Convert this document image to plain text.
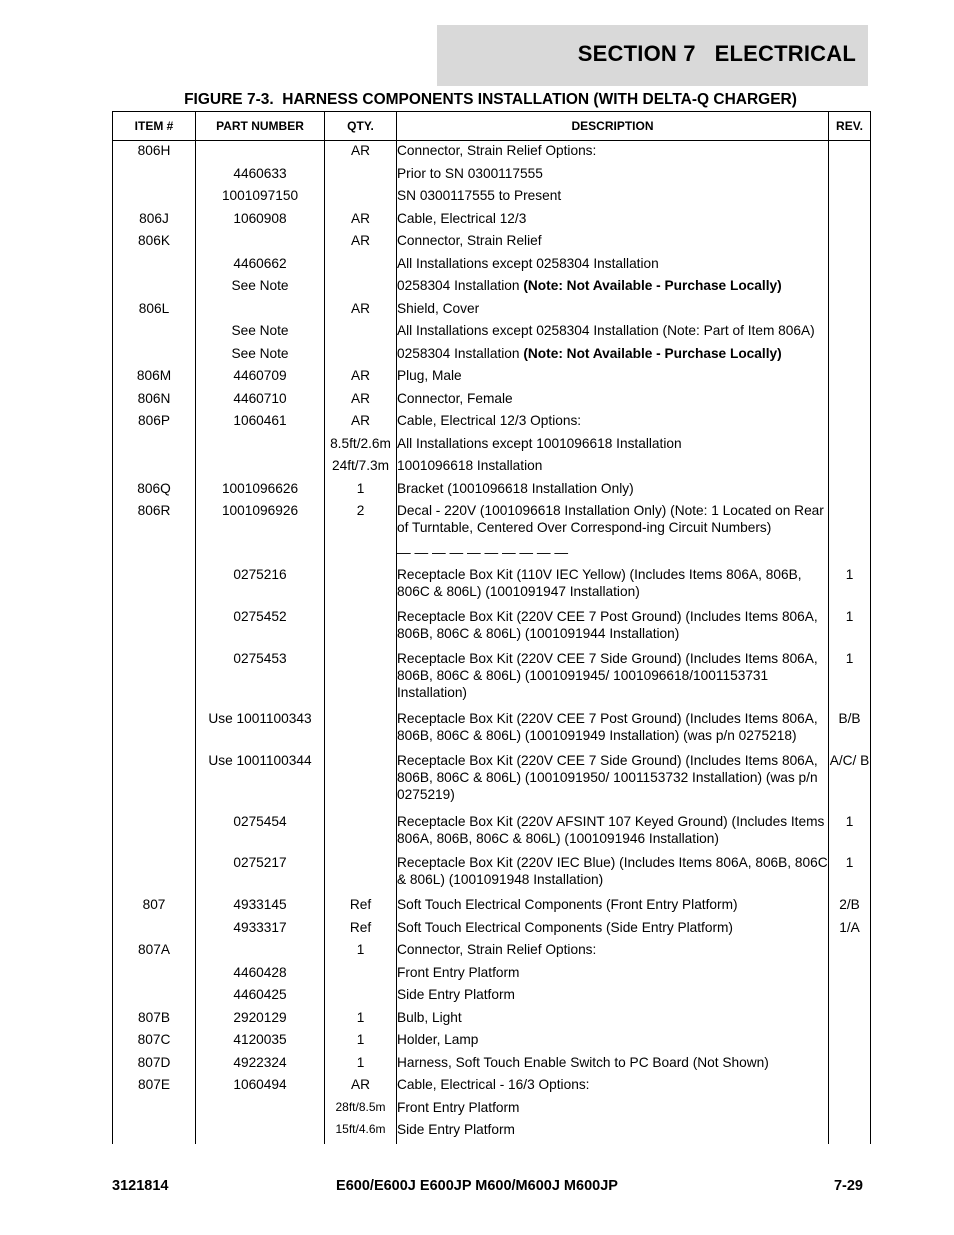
SECTION 7   ELECTRICAL
FIGURE 7-3.  HARNESS COMPONENTS INSTALLATION (WITH DELTA-Q CHARGER)
ITEM #	PART NUMBER	QTY.	DESCRIPTION	REV.
806H		AR	Connector, Strain Relief Options:	
	4460633		Prior to SN 0300117555	
	1001097150		SN 0300117555 to Present	
806J	1060908	AR	Cable, Electrical 12/3	
806K		AR	Connector, Strain Relief	
	4460662		All Installations except 0258304 Installation	
	See Note		0258304 Installation (Note: Not Available - Purchase Locally)	
806L		AR	Shield, Cover	
	See Note		All Installations except 0258304 Installation (Note: Part of Item 806A)	
	See Note		0258304 Installation (Note: Not Available - Purchase Locally)	
806M	4460709	AR	Plug, Male	
806N	4460710	AR	Connector, Female	
806P	1060461	AR	Cable, Electrical 12/3 Options:	
		8.5ft/2.6m	All Installations except 1001096618 Installation	
		24ft/7.3m	1001096618 Installation	
806Q	1001096626	1	Bracket (1001096618 Installation Only)	
806R	1001096926	2	Decal - 220V (1001096618 Installation Only) (Note: 1 Located on Rear of Turntable, Centered Over Correspond-ing Circuit Numbers)	
			— — — — — — — — — —	
	0275216		Receptacle Box Kit (110V IEC Yellow) (Includes Items 806A, 806B, 806C & 806L) (1001091947 Installation)	1
	0275452		Receptacle Box Kit (220V CEE 7 Post Ground) (Includes Items 806A, 806B, 806C & 806L) (1001091944 Installation)	1
	0275453		Receptacle Box Kit (220V CEE 7 Side Ground) (Includes Items 806A, 806B, 806C & 806L) (1001091945/ 1001096618/1001153731 Installation)	1
	Use 1001100343		Receptacle Box Kit (220V CEE 7 Post Ground) (Includes Items 806A, 806B, 806C & 806L) (1001091949 Installation) (was p/n 0275218)	B/B
	Use 1001100344		Receptacle Box Kit (220V CEE 7 Side Ground) (Includes Items 806A, 806B, 806C & 806L) (1001091950/ 1001153732 Installation) (was p/n 0275219)	A/C/ B
	0275454		Receptacle Box Kit (220V AFSINT 107 Keyed Ground) (Includes Items 806A, 806B, 806C & 806L) (1001091946 Installation)	1
	0275217		Receptacle Box Kit (220V IEC Blue) (Includes Items 806A, 806B, 806C & 806L) (1001091948 Installation)	1
807	4933145	Ref	Soft Touch Electrical Components (Front Entry Platform)	2/B
	4933317	Ref	Soft Touch Electrical Components (Side Entry Platform)	1/A
807A		1	Connector, Strain Relief Options:	
	4460428		Front Entry Platform	
	4460425		Side Entry Platform	
807B	2920129	1	Bulb, Light	
807C	4120035	1	Holder, Lamp	
807D	4922324	1	Harness, Soft Touch Enable Switch to PC Board (Not Shown)	
807E	1060494	AR	Cable, Electrical - 16/3 Options:	
		28ft/8.5m	Front Entry Platform	
		15ft/4.6m	Side Entry Platform	
E600/E600J E600JP M600/M600J M600JP
3121814	7-29
